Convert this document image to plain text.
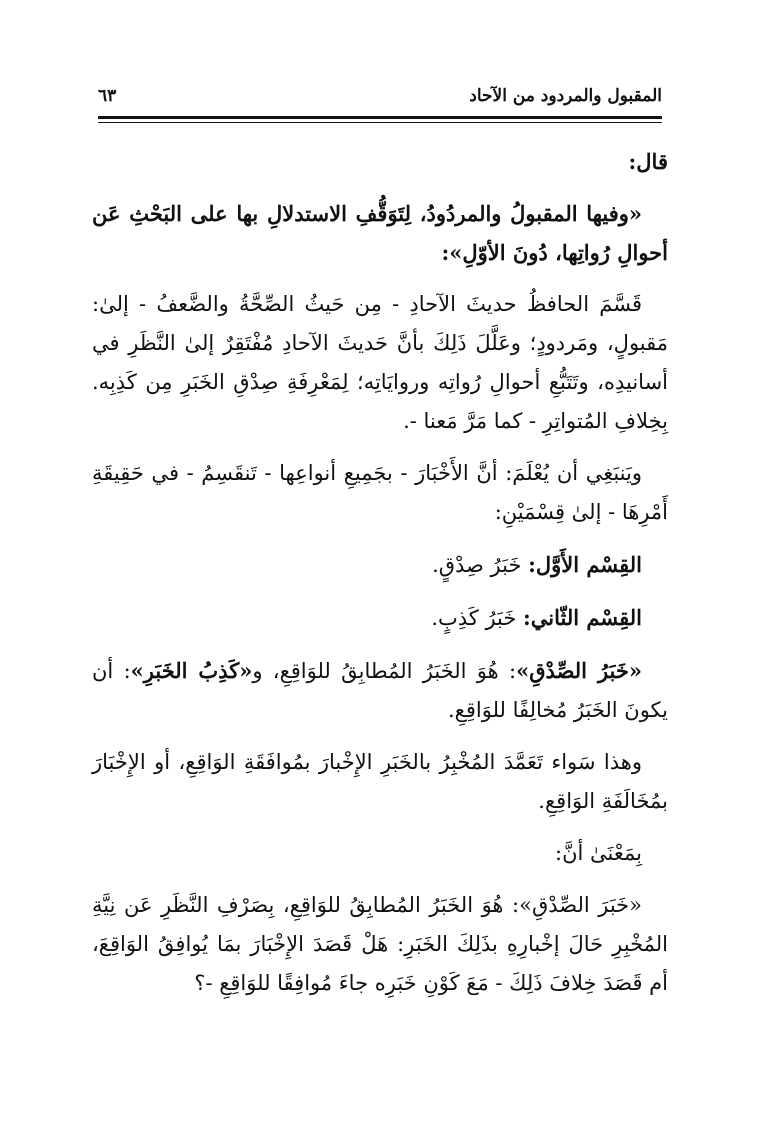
المقبول والمردود من الآحاد
٦٣

قال:

«وفيها المقبولُ والمردُودُ، لِتَوَقُّفِ الاستدلالِ بها على البَحْثِ عَن أحوالِ رُواتِها، دُونَ الأوّلِ»:

قَسَّمَ الحافظُ حديثَ الآحادِ - مِن حَيثُ الصِّحَّةُ والضَّعفُ - إلىٰ: مَقبولٍ، ومَردودٍ؛ وعَلَّلَ ذَلِكَ بأنَّ حَديثَ الآحادِ مُفْتَقِرٌ إلىٰ النَّظَرِ في أسانيدِه، وتَتَبُّعِ أحوالِ رُواتِه وروايَاتِه؛ لِمَعْرِفَةِ صِدْقِ الخَبَرِ مِن كَذِبِه. بِخِلافِ المُتواتِرِ - كما مَرَّ مَعنا -.

ويَنبَغِي أن يُعْلَمَ: أنَّ الأَخْبَارَ - بجَمِيعِ أنواعِها - تَنقَسِمُ - في حَقِيقَةِ أَمْرِهَا - إلىٰ قِسْمَيْنِ:

القِسْم الأَوَّل: خَبَرُ صِدْقٍ.

القِسْم الثّاني: خَبَرُ كَذِبٍ.

«خَبَرُ الصِّدْقِ»: هُوَ الخَبَرُ المُطابِقُ للوَاقِعِ، و«كَذِبُ الخَبَرِ»: أن يكونَ الخَبَرُ مُخالِفًا للوَاقِعِ.

وهذا سَواء تَعَمَّدَ المُخْبِرُ بالخَبَرِ الإِخْبارَ بمُوافَقَةِ الوَاقِعِ، أو الإِخْبَارَ بمُخَالَفَةِ الوَاقِعِ.

بِمَعْنَىٰ أنَّ:

«خَبَرَ الصِّدْقِ»: هُوَ الخَبَرُ المُطابِقُ للوَاقِعِ، بِصَرْفِ النَّظَرِ عَن نِيَّةِ المُخْبِرِ حَالَ إخْبارِهِ بذَلِكَ الخَبَرِ: هَلْ قَصَدَ الإِخْبَارَ بمَا يُوافِقُ الوَاقِعَ، أم قَصَدَ خِلافَ ذَلِكَ - مَعَ كَوْنِ خَبَرِه جاءَ مُوافِقًا للوَاقِعِ -؟
